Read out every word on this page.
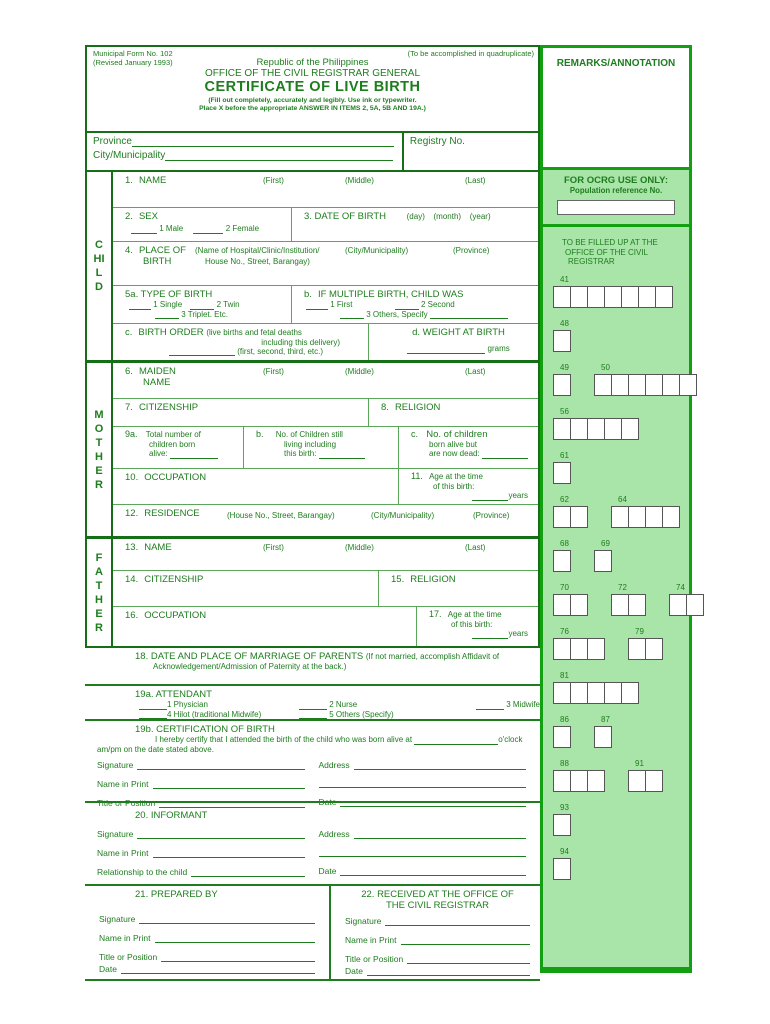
Municipal Form No. 102
(Revised January 1993)
(To be accomplished in quadruplicate)
Republic of the Philippines
OFFICE OF THE CIVIL REGISTRAR GENERAL
CERTIFICATE OF LIVE BIRTH
(Fill out completely, accurately and legibly. Use ink or typewriter.
Place X before the appropriate ANSWER IN ITEMS 2, 5A, 5B AND 19A.)
Province
City/Municipality
Registry No.
CHILD
1. NAME	(First)	(Middle)	(Last)
2. SEX
1 Male	2 Female
3. DATE OF BIRTH	(day) (month) (year)
4. PLACE OF
BIRTH
(Name of Hospital/Clinic/Institution/	(City/Municipality)	(Province)
House No., Street, Barangay)
5a. TYPE OF BIRTH
1 Single	2 Twin
3 Triplet. Etc.
b. IF MULTIPLE BIRTH, CHILD WAS
1 First	2 Second
3 Others, Specify
c. BIRTH ORDER (live births and fetal deaths
including this delivery)
(first, second, third, etc.)
d. WEIGHT AT BIRTH
grams
MOTHER
6. MAIDEN
NAME
(First)	(Middle)	(Last)
7. CITIZENSHIP	8. RELIGION
9a. Total number of
children born
alive:
b. No. of Children still
living including
this birth:
c. No. of children
born alive but
are now dead:
10. OCCUPATION	11. Age at the time
of this birth:
years
12. RESIDENCE	(House No., Street, Barangay)	(City/Municipality)	(Province)
FATHER
13. NAME	(First)	(Middle)	(Last)
14. CITIZENSHIP	15. RELIGION
16. OCCUPATION	17. Age at the time
of this birth:
years
18. DATE AND PLACE OF MARRIAGE OF PARENTS (If not married, accomplish Affidavit of
Acknowledgement/Admission of Paternity at the back.)
19a. ATTENDANT
1 Physician	2 Nurse	3 Midwife
4 Hilot (traditional Midwife)	5 Others (Specify)
19b. CERTIFICATION OF BIRTH
I hereby certify that I attended the birth of the child who was born alive at	o'clock
am/pm on the date stated above.
Signature
Name in Print
Title or Position
Address
Date
20. INFORMANT
Signature
Name in Print
Relationship to the child
Address
Date
21. PREPARED BY
Signature
Name in Print
Title or Position
Date
22. RECEIVED AT THE OFFICE OF
THE CIVIL REGISTRAR
Signature
Name in Print
Title or Position
Date
REMARKS/ANNOTATION
FOR OCRG USE ONLY:
Population reference No.
TO BE FILLED UP AT THE
OFFICE OF THE CIVIL
REGISTRAR
41
48
49	50
56
61
62	64
68	69
70	72	74
76	79
81
86	87
88	91
93
94
